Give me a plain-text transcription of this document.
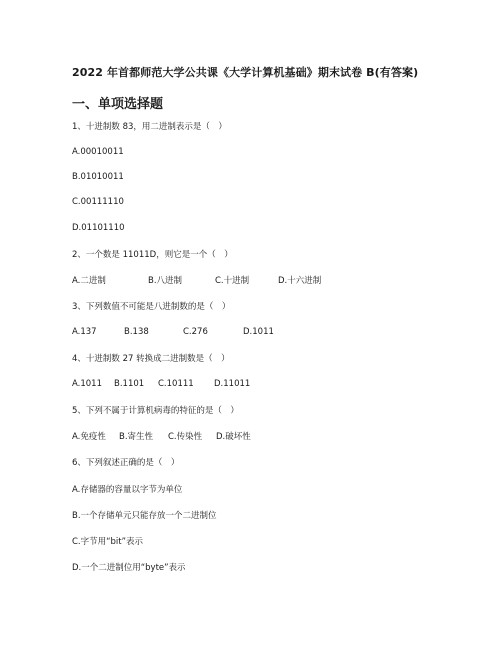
2022 年首都师范大学公共课《大学计算机基础》期末试卷 B(有答案)
一、单项选择题
1、十进制数 83，用二进制表示是（　）
A.00010011
B.01010011
C.00111110
D.01101110
2、一个数是 11011D，则它是一个（　）
A.二进制	B.八进制	C.十进制	D.十六进制
3、下列数值不可能是八进制数的是（　）
A.137	B.138	C.276	D.1011
4、十进制数 27 转换成二进制数是（　）
A.1011 B.1101 C.10111 D.11011
5、下列不属于计算机病毒的特征的是（　）
A.免疫性 B.寄生性 C.传染性 D.破坏性
6、下列叙述正确的是（　）
A.存储器的容量以字节为单位
B.一个存储单元只能存放一个二进制位
C.字节用“bit”表示
D.一个二进制位用“byte”表示
